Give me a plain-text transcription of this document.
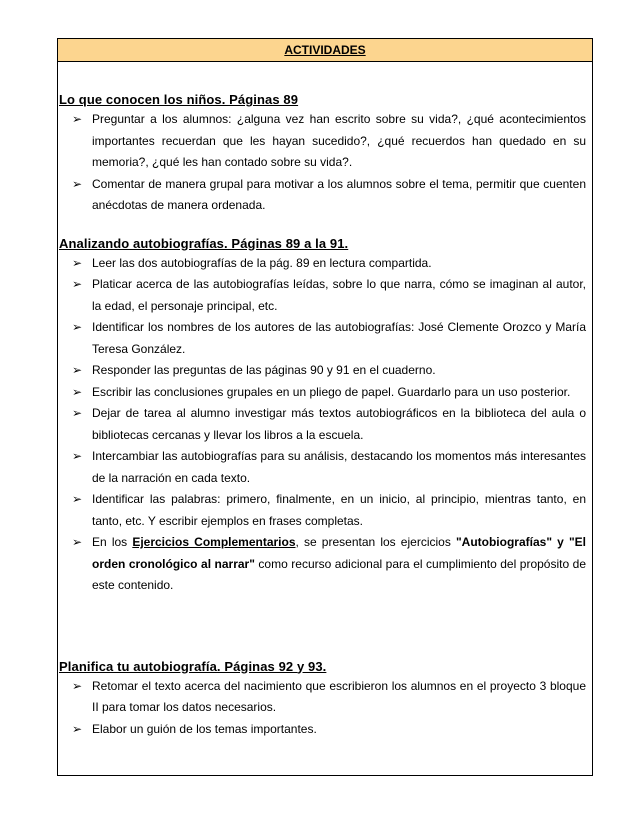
ACTIVIDADES
Lo que conocen los niños. Páginas 89
➢ Preguntar a los alumnos: ¿alguna vez han escrito sobre su vida?, ¿qué acontecimientos importantes recuerdan que les hayan sucedido?, ¿qué recuerdos han quedado en su memoria?, ¿qué les han contado sobre su vida?.
➢ Comentar de manera grupal para motivar a los alumnos sobre el tema, permitir que cuenten anécdotas de manera ordenada.
Analizando autobiografías. Páginas 89 a la 91.
➢ Leer las dos autobiografías de la pág. 89 en lectura compartida.
➢ Platicar acerca de las autobiografías leídas, sobre lo que narra, cómo se imaginan al autor, la edad, el personaje principal, etc.
➢ Identificar los nombres de los autores de las autobiografías: José Clemente Orozco y María Teresa González.
➢ Responder las preguntas de las páginas 90 y 91 en el cuaderno.
➢ Escribir las conclusiones grupales en un pliego de papel. Guardarlo para un uso posterior.
➢ Dejar de tarea al alumno investigar más textos autobiográficos en la biblioteca del aula o bibliotecas cercanas y llevar los libros a la escuela.
➢ Intercambiar las autobiografías para su análisis, destacando los momentos más interesantes de la narración en cada texto.
➢ Identificar las palabras: primero, finalmente, en un inicio, al principio, mientras tanto, en tanto, etc. Y escribir ejemplos en frases completas.
➢ En los Ejercicios Complementarios, se presentan los ejercicios "Autobiografías" y "El orden cronológico al narrar" como recurso adicional para el cumplimiento del propósito de este contenido.
Planifica tu autobiografía. Páginas 92 y 93.
➢ Retomar el texto acerca del nacimiento que escribieron los alumnos en el proyecto 3 bloque II para tomar los datos necesarios.
➢ Elabor un guión de los temas importantes.
